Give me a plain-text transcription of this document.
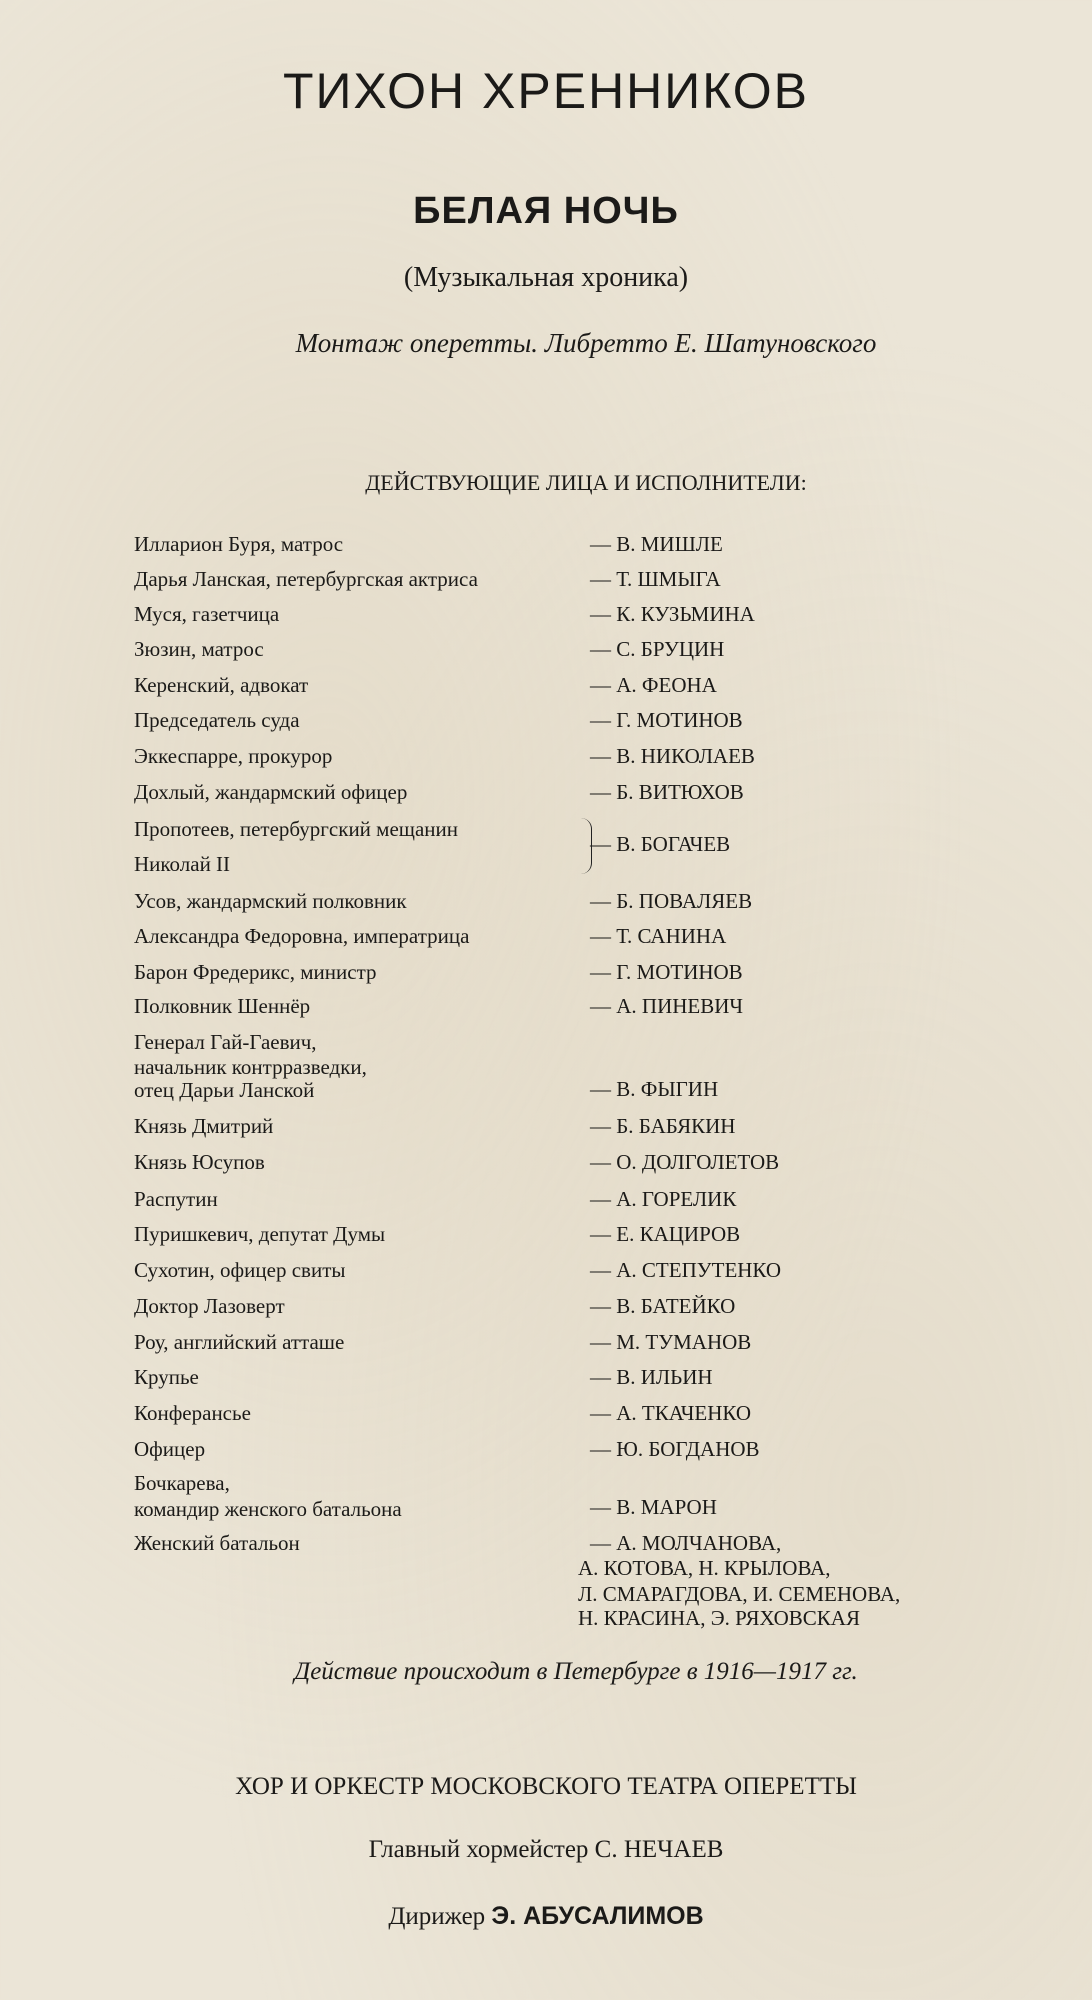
ТИХОН ХРЕННИКОВ
БЕЛАЯ НОЧЬ
(Музыкальная хроника)
Монтаж оперетты. Либретто Е. Шатуновского
ДЕЙСТВУЮЩИЕ ЛИЦА И ИСПОЛНИТЕЛИ:
Илларион Буря, матрос	— В. МИШЛЕ
Дарья Ланская, петербургская актриса	— Т. ШМЫГА
Муся, газетчица	— К. КУЗЬМИНА
Зюзин, матрос	— С. БРУЦИН
Керенский, адвокат	— А. ФЕОНА
Председатель суда	— Г. МОТИНОВ
Эккеспарре, прокурор	— В. НИКОЛАЕВ
Дохлый, жандармский офицер	— Б. ВИТЮХОВ
Пропотеев, петербургский мещанин
Николай II
— В. БОГАЧЕВ
Усов, жандармский полковник	— Б. ПОВАЛЯЕВ
Александра Федоровна, императрица	— Т. САНИНА
Барон Фредерикс, министр	— Г. МОТИНОВ
Полковник Шеннёр	— А. ПИНЕВИЧ
Генерал Гай-Гаевич,
начальник контрразведки,
отец Дарьи Ланской	— В. ФЫГИН
Князь Дмитрий	— Б. БАБЯКИН
Князь Юсупов	— О. ДОЛГОЛЕТОВ
Распутин	— А. ГОРЕЛИК
Пуришкевич, депутат Думы	— Е. КАЦИРОВ
Сухотин, офицер свиты	— А. СТЕПУТЕНКО
Доктор Лазоверт	— В. БАТЕЙКО
Роу, английский атташе	— М. ТУМАНОВ
Крупье	— В. ИЛЬИН
Конферансье	— А. ТКАЧЕНКО
Офицер	— Ю. БОГДАНОВ
Бочкарева,
командир женского батальона	— В. МАРОН
Женский батальон	— А. МОЛЧАНОВА,
А. КОТОВА, Н. КРЫЛОВА,
Л. СМАРАГДОВА, И. СЕМЕНОВА,
Н. КРАСИНА, Э. РЯХОВСКАЯ
Действие происходит в Петербурге в 1916—1917 гг.
ХОР И ОРКЕСТР МОСКОВСКОГО ТЕАТРА ОПЕРЕТТЫ
Главный хормейстер С. НЕЧАЕВ
Дирижер Э. АБУСАЛИМОВ
